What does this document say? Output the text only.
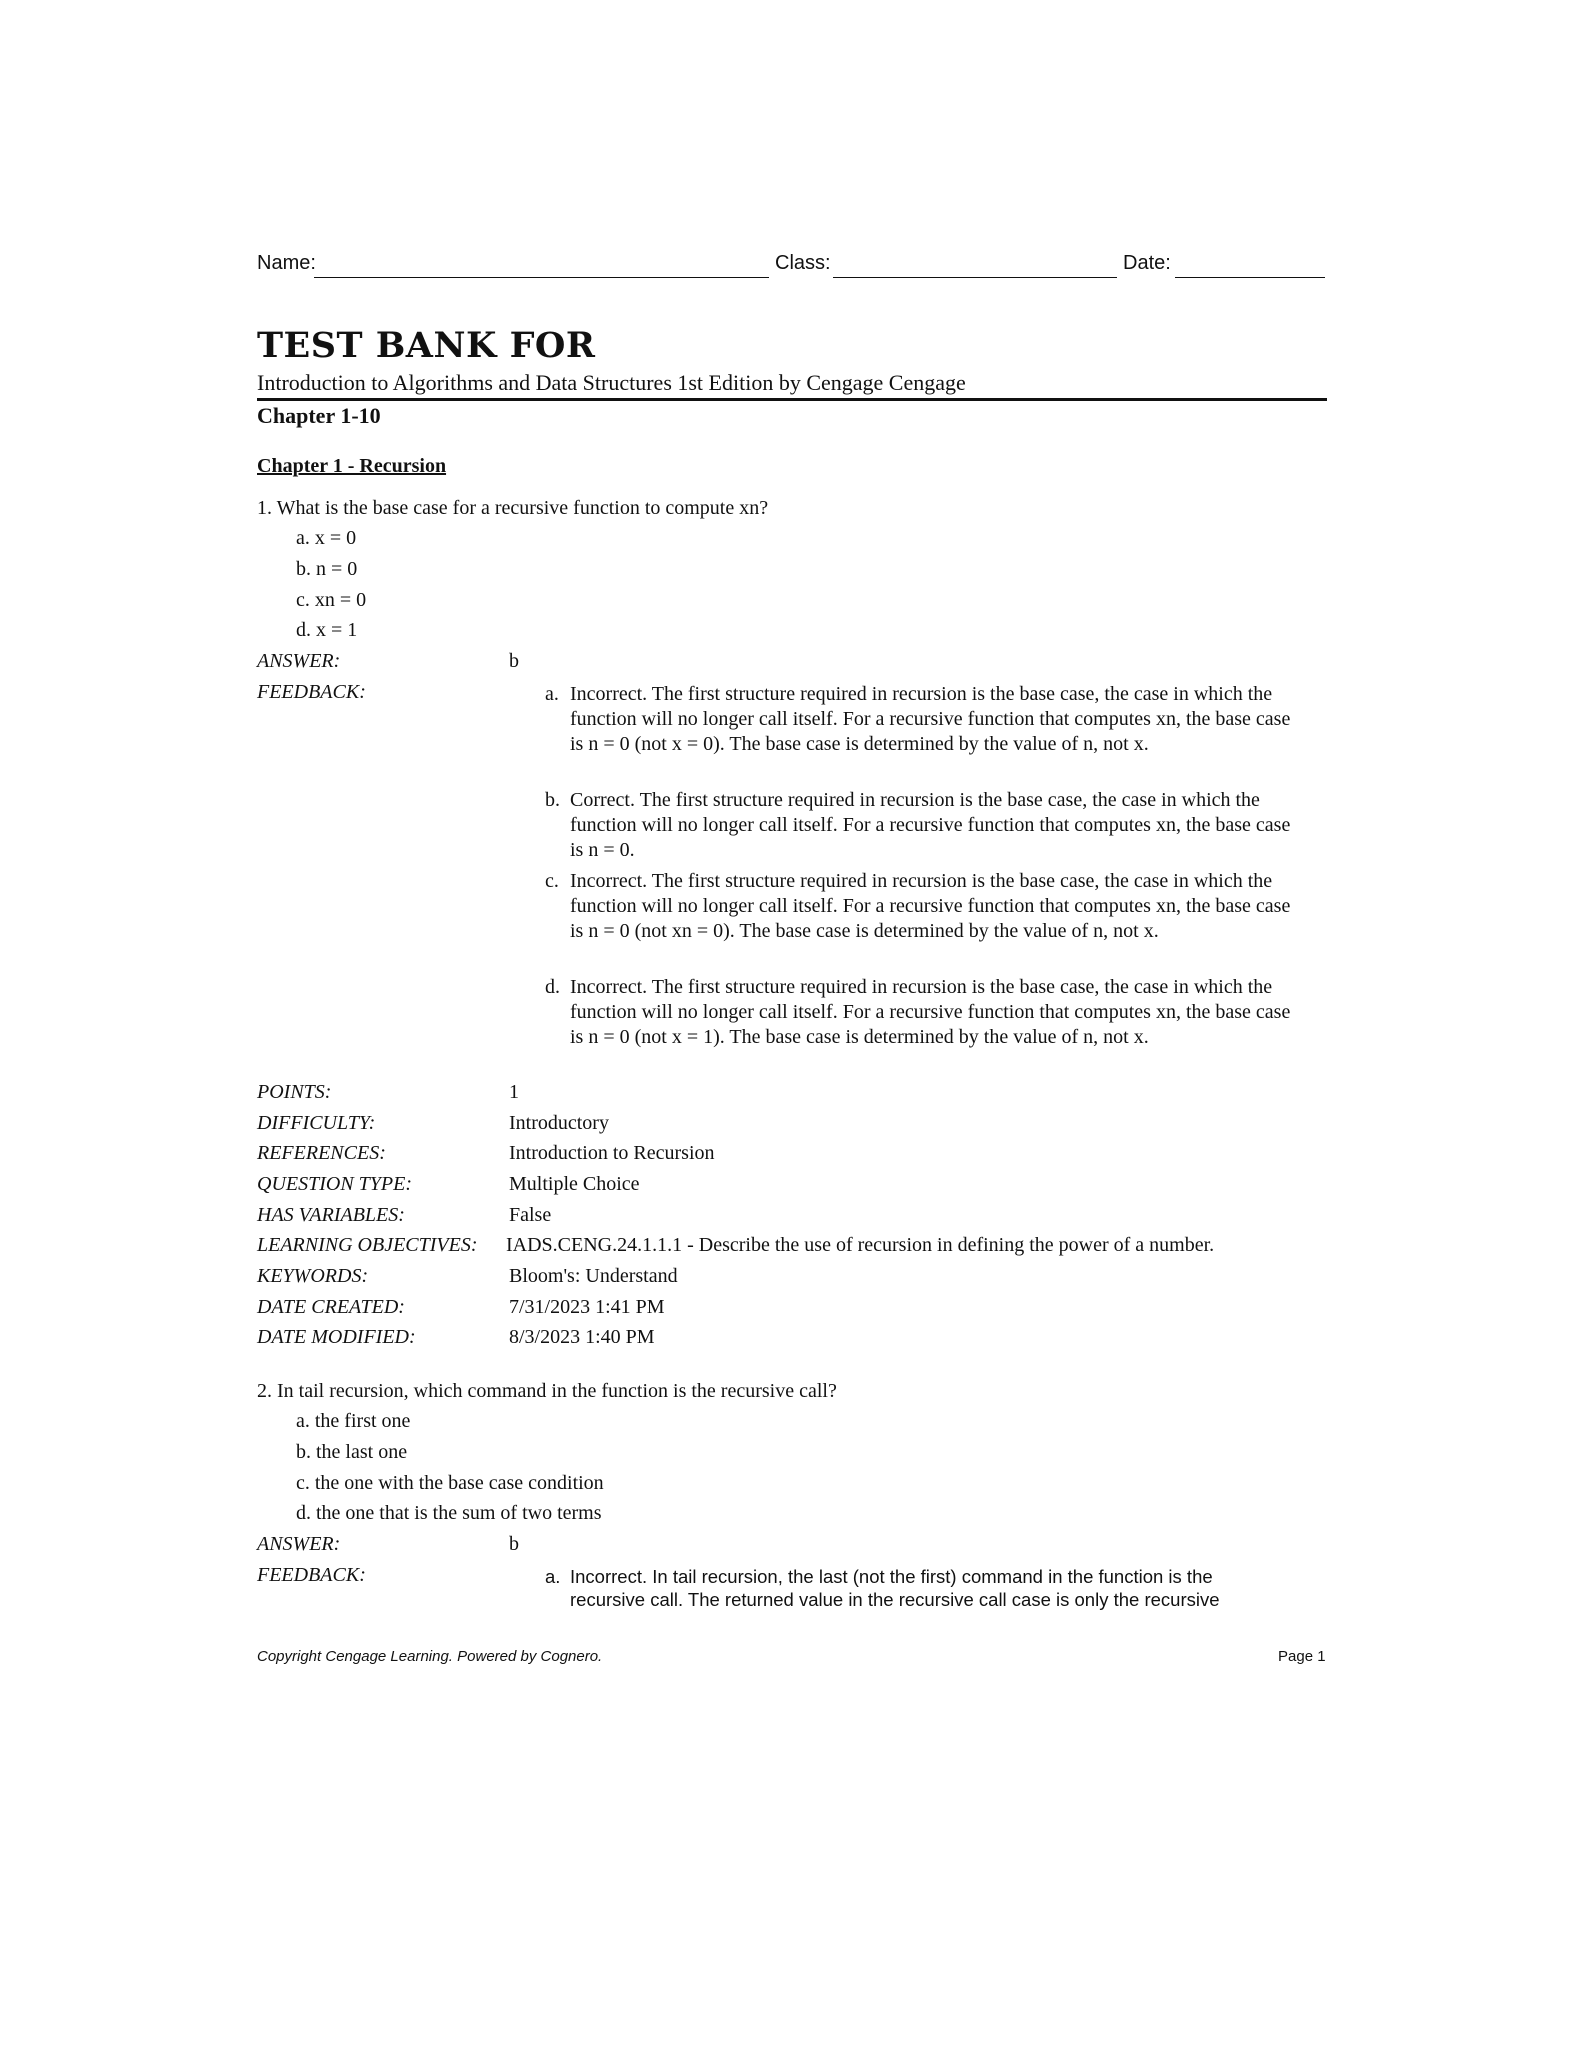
Name:	Class:	Date:
TEST BANK FOR
Introduction to Algorithms and Data Structures 1st Edition by Cengage Cengage
Chapter 1-10
Chapter 1 - Recursion
1. What is the base case for a recursive function to compute xn?
a. x = 0
b. n = 0
c. xn = 0
d. x = 1
ANSWER:	b
FEEDBACK:	a. Incorrect. The first structure required in recursion is the base case, the case in which the function will no longer call itself. For a recursive function that computes xn, the base case is n = 0 (not x = 0). The base case is determined by the value of n, not x.
b. Correct. The first structure required in recursion is the base case, the case in which the function will no longer call itself. For a recursive function that computes xn, the base case is n = 0.
c. Incorrect. The first structure required in recursion is the base case, the case in which the function will no longer call itself. For a recursive function that computes xn, the base case is n = 0 (not xn = 0). The base case is determined by the value of n, not x.
d. Incorrect. The first structure required in recursion is the base case, the case in which the function will no longer call itself. For a recursive function that computes xn, the base case is n = 0 (not x = 1). The base case is determined by the value of n, not x.
POINTS:	1
DIFFICULTY:	Introductory
REFERENCES:	Introduction to Recursion
QUESTION TYPE:	Multiple Choice
HAS VARIABLES:	False
LEARNING OBJECTIVES: IADS.CENG.24.1.1.1 - Describe the use of recursion in defining the power of a number.
KEYWORDS:	Bloom's: Understand
DATE CREATED:	7/31/2023 1:41 PM
DATE MODIFIED:	8/3/2023 1:40 PM
2. In tail recursion, which command in the function is the recursive call?
a. the first one
b. the last one
c. the one with the base case condition
d. the one that is the sum of two terms
ANSWER:	b
FEEDBACK:	a. Incorrect. In tail recursion, the last (not the first) command in the function is the recursive call. The returned value in the recursive call case is only the recursive
Copyright Cengage Learning. Powered by Cognero.	Page 1
